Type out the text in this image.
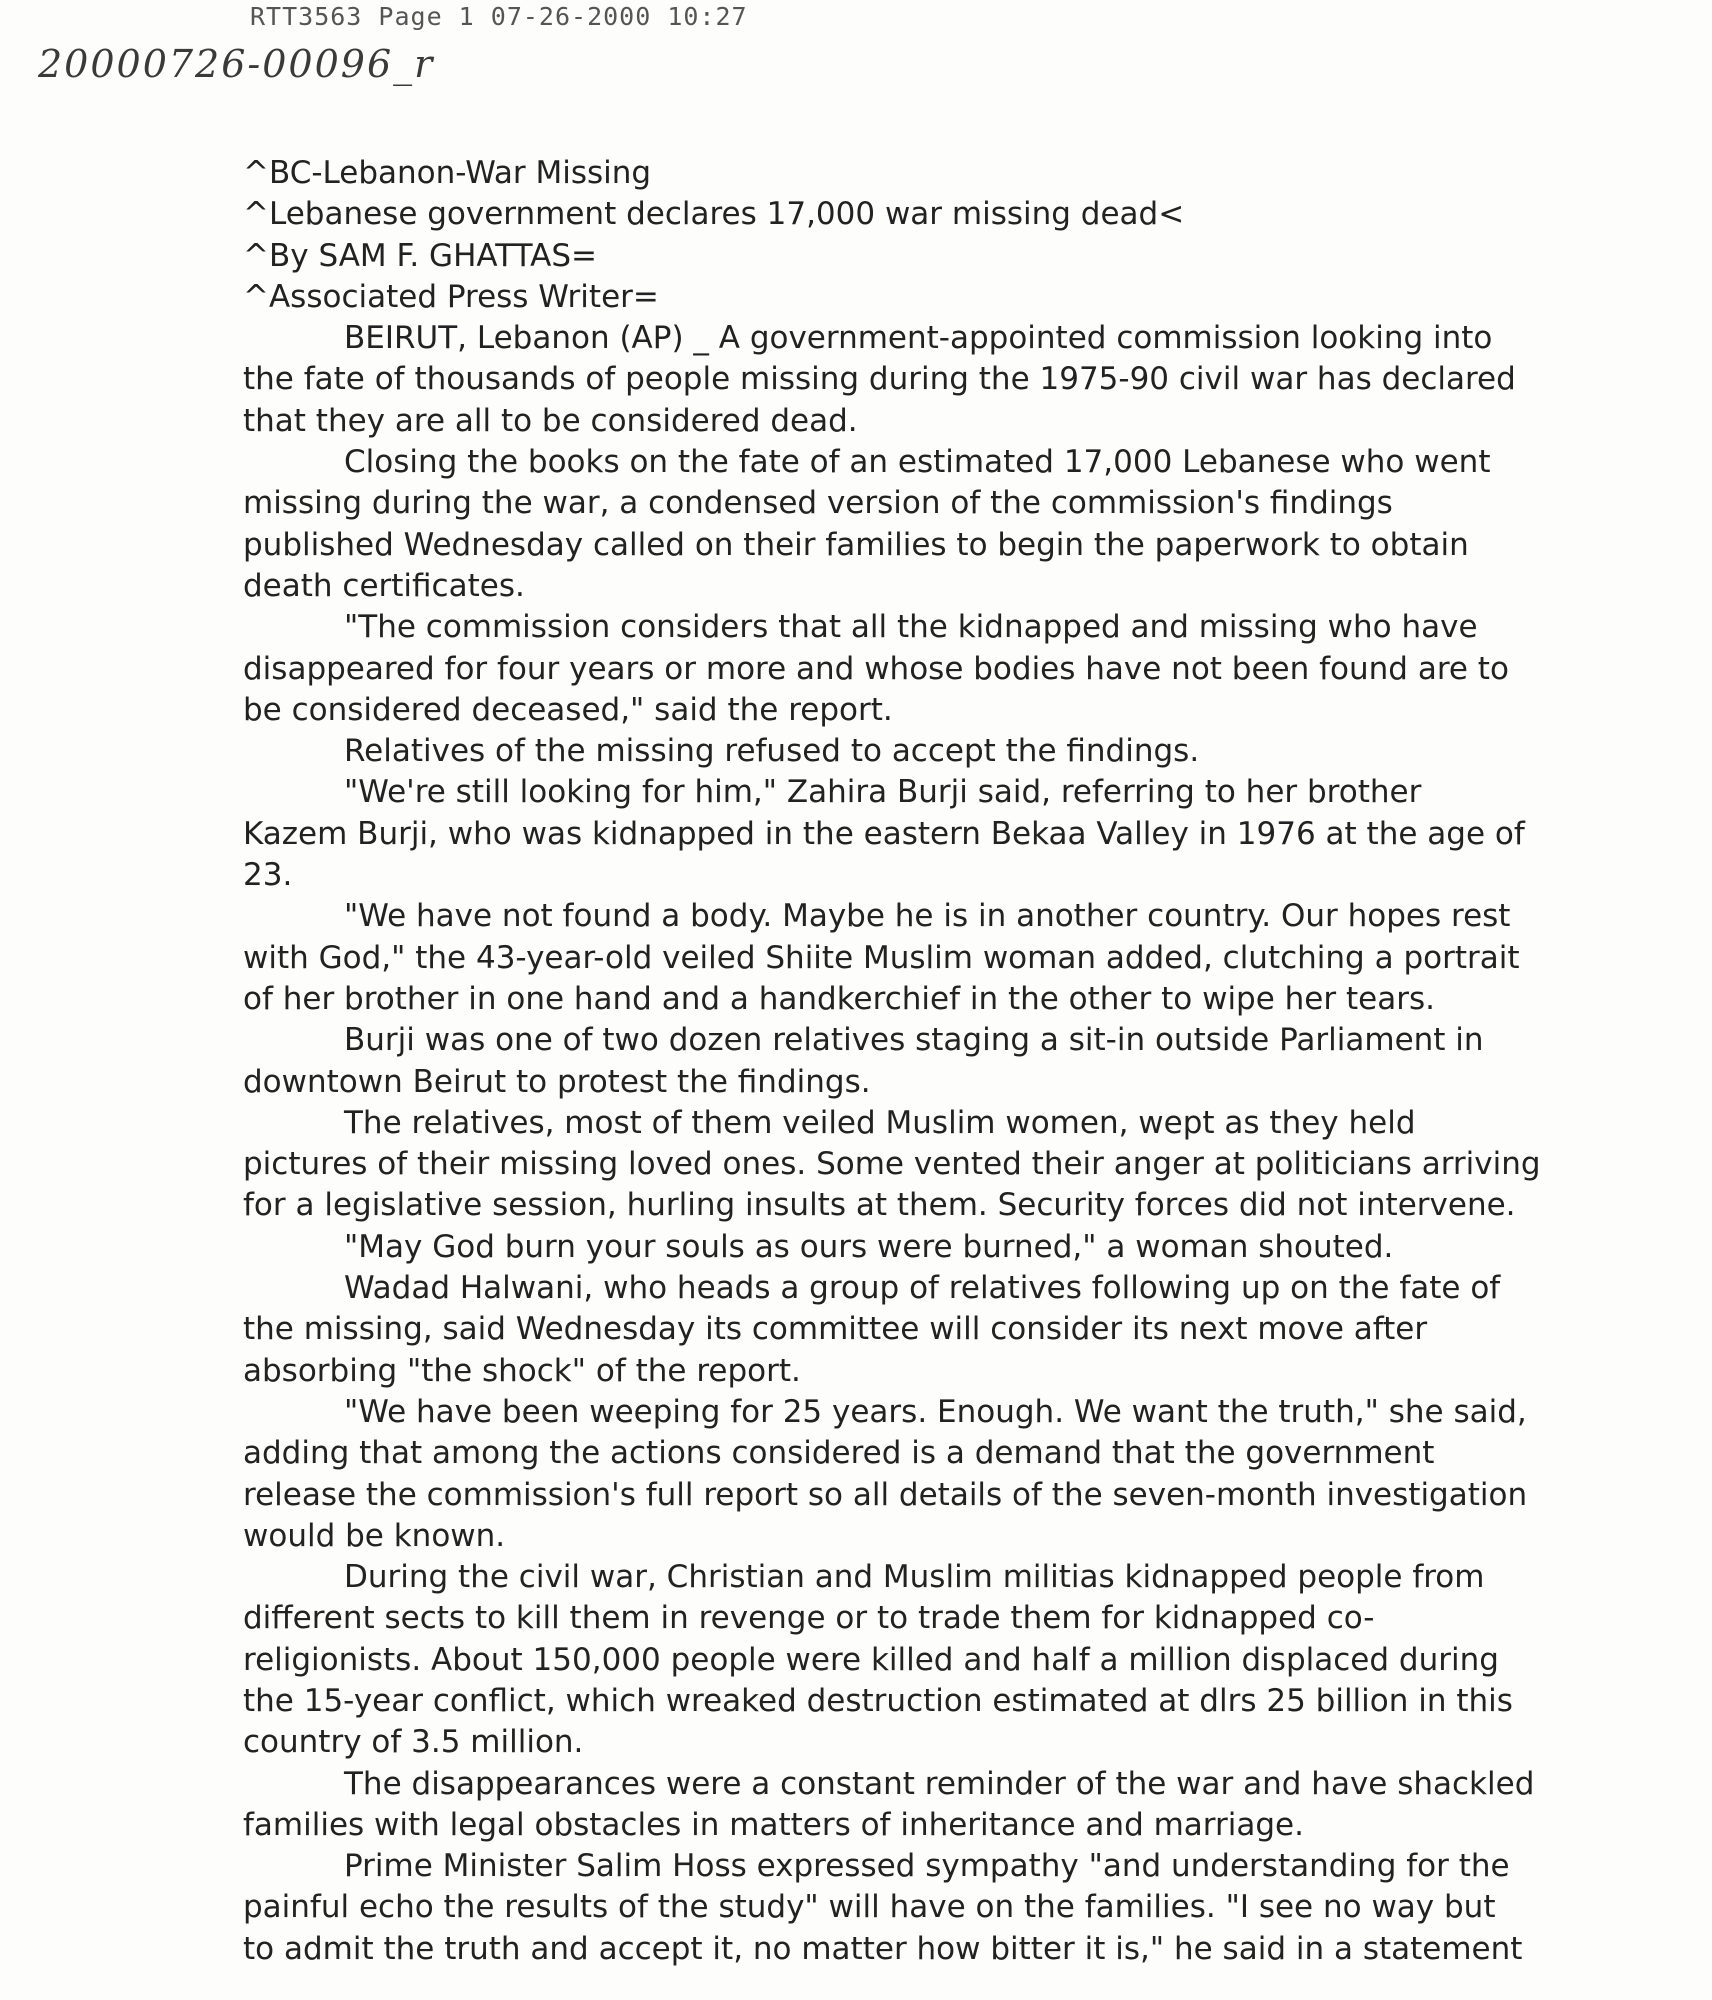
RTT3563 Page 1 07-26-2000 10:27
20000726-00096_r
^BC-Lebanon-War Missing
^Lebanese government declares 17,000 war missing dead<
^By SAM F. GHATTAS=
^Associated Press Writer=
BEIRUT, Lebanon (AP) _ A government-appointed commission looking into
the fate of thousands of people missing during the 1975-90 civil war has declared
that they are all to be considered dead.
Closing the books on the fate of an estimated 17,000 Lebanese who went
missing during the war, a condensed version of the commission's findings
published Wednesday called on their families to begin the paperwork to obtain
death certificates.
"The commission considers that all the kidnapped and missing who have
disappeared for four years or more and whose bodies have not been found are to
be considered deceased," said the report.
Relatives of the missing refused to accept the findings.
"We're still looking for him," Zahira Burji said, referring to her brother
Kazem Burji, who was kidnapped in the eastern Bekaa Valley in 1976 at the age of
23.
"We have not found a body. Maybe he is in another country. Our hopes rest
with God," the 43-year-old veiled Shiite Muslim woman added, clutching a portrait
of her brother in one hand and a handkerchief in the other to wipe her tears.
Burji was one of two dozen relatives staging a sit-in outside Parliament in
downtown Beirut to protest the findings.
The relatives, most of them veiled Muslim women, wept as they held
pictures of their missing loved ones. Some vented their anger at politicians arriving
for a legislative session, hurling insults at them. Security forces did not intervene.
"May God burn your souls as ours were burned," a woman shouted.
Wadad Halwani, who heads a group of relatives following up on the fate of
the missing, said Wednesday its committee will consider its next move after
absorbing "the shock" of the report.
"We have been weeping for 25 years. Enough. We want the truth," she said,
adding that among the actions considered is a demand that the government
release the commission's full report so all details of the seven-month investigation
would be known.
During the civil war, Christian and Muslim militias kidnapped people from
different sects to kill them in revenge or to trade them for kidnapped co-
religionists. About 150,000 people were killed and half a million displaced during
the 15-year conflict, which wreaked destruction estimated at dlrs 25 billion in this
country of 3.5 million.
The disappearances were a constant reminder of the war and have shackled
families with legal obstacles in matters of inheritance and marriage.
Prime Minister Salim Hoss expressed sympathy "and understanding for the
painful echo the results of the study" will have on the families. "I see no way but
to admit the truth and accept it, no matter how bitter it is," he said in a statement
